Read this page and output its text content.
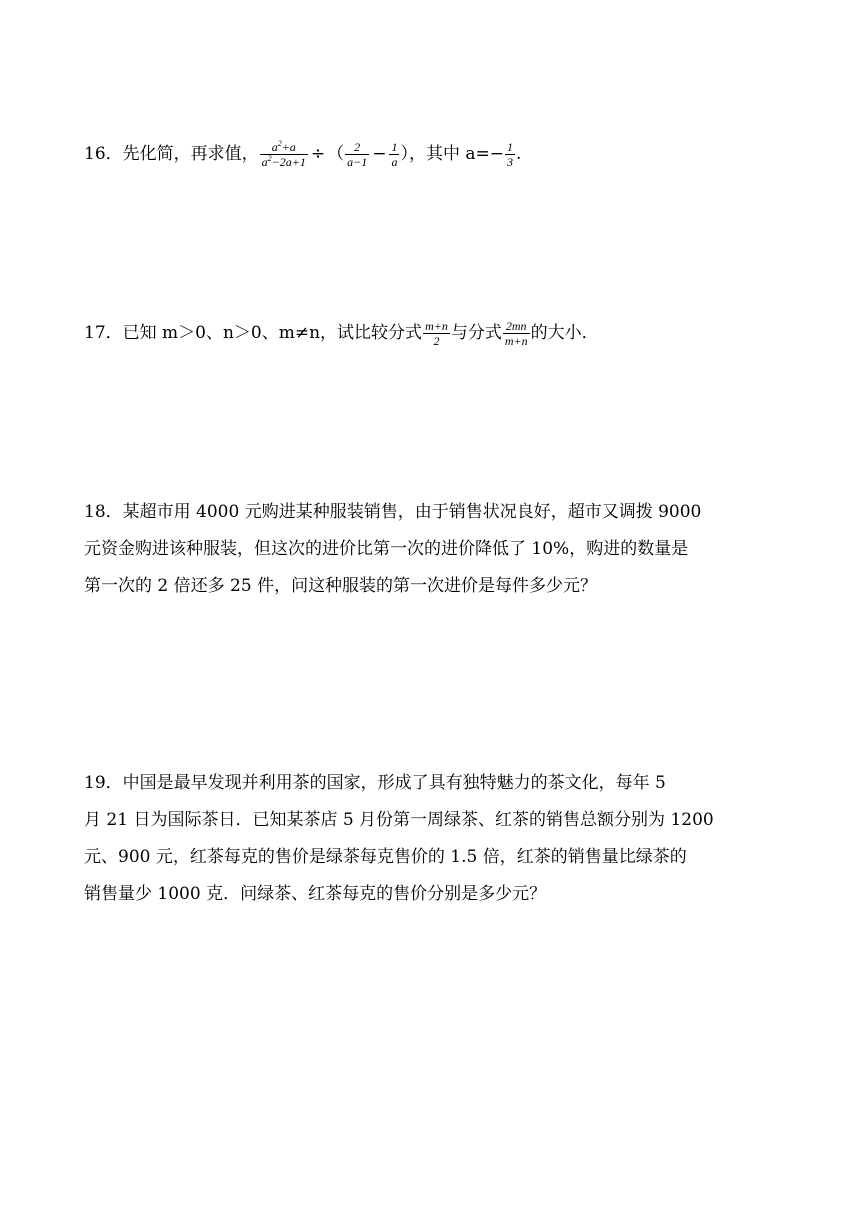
16．先化简，再求值， $\frac{a^2+a}{a^2-2a+1}$ ÷ （ $\frac{2}{a-1} - \frac{1}{a}$ ），其中 $a=- \frac{1}{3}$ .
17．已知 m＞0、n＞0、m≠n，试比较分式 $\frac{m+n}{2}$ 与分式 $\frac{2mn}{m+n}$ 的大小．
18．某超市用 4000 元购进某种服装销售，由于销售状况良好，超市又调拨 9000
元资金购进该种服装，但这次的进价比第一次的进价降低了 10%，购进的数量是
第一次的 2 倍还多 25 件，问这种服装的第一次进价是每件多少元？
19．中国是最早发现并利用茶的国家，形成了具有独特魅力的茶文化，每年 5
月 21 日为国际茶日．已知某茶店 5 月份第一周绿茶、红茶的销售总额分别为 1200
元、900 元，红茶每克的售价是绿茶每克售价的 1.5 倍，红茶的销售量比绿茶的
销售量少 1000 克．问绿茶、红茶每克的售价分别是多少元？
